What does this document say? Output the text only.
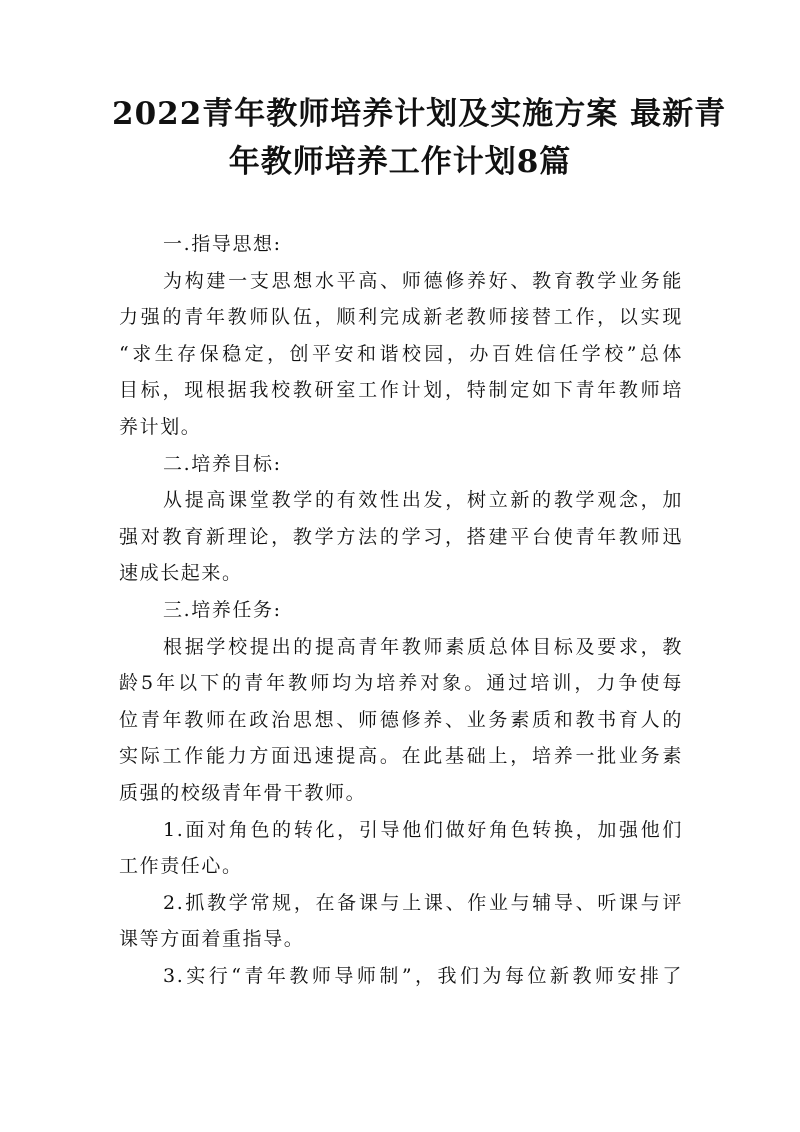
2022青年教师培养计划及实施方案 最新青
年教师培养工作计划8篇
一.指导思想:
为构建一支思想水平高、师德修养好、教育教学业务能
力强的青年教师队伍，顺利完成新老教师接替工作，以实现
“求生存保稳定，创平安和谐校园，办百姓信任学校”总体
目标，现根据我校教研室工作计划，特制定如下青年教师培
养计划。
二.培养目标:
从提高课堂教学的有效性出发，树立新的教学观念，加
强对教育新理论，教学方法的学习，搭建平台使青年教师迅
速成长起来。
三.培养任务:
根据学校提出的提高青年教师素质总体目标及要求，教
龄5年以下的青年教师均为培养对象。通过培训，力争使每
位青年教师在政治思想、师德修养、业务素质和教书育人的
实际工作能力方面迅速提高。在此基础上，培养一批业务素
质强的校级青年骨干教师。
1.面对角色的转化，引导他们做好角色转换，加强他们
工作责任心。
2.抓教学常规，在备课与上课、作业与辅导、听课与评
课等方面着重指导。
3.实行“青年教师导师制”，我们为每位新教师安排了
